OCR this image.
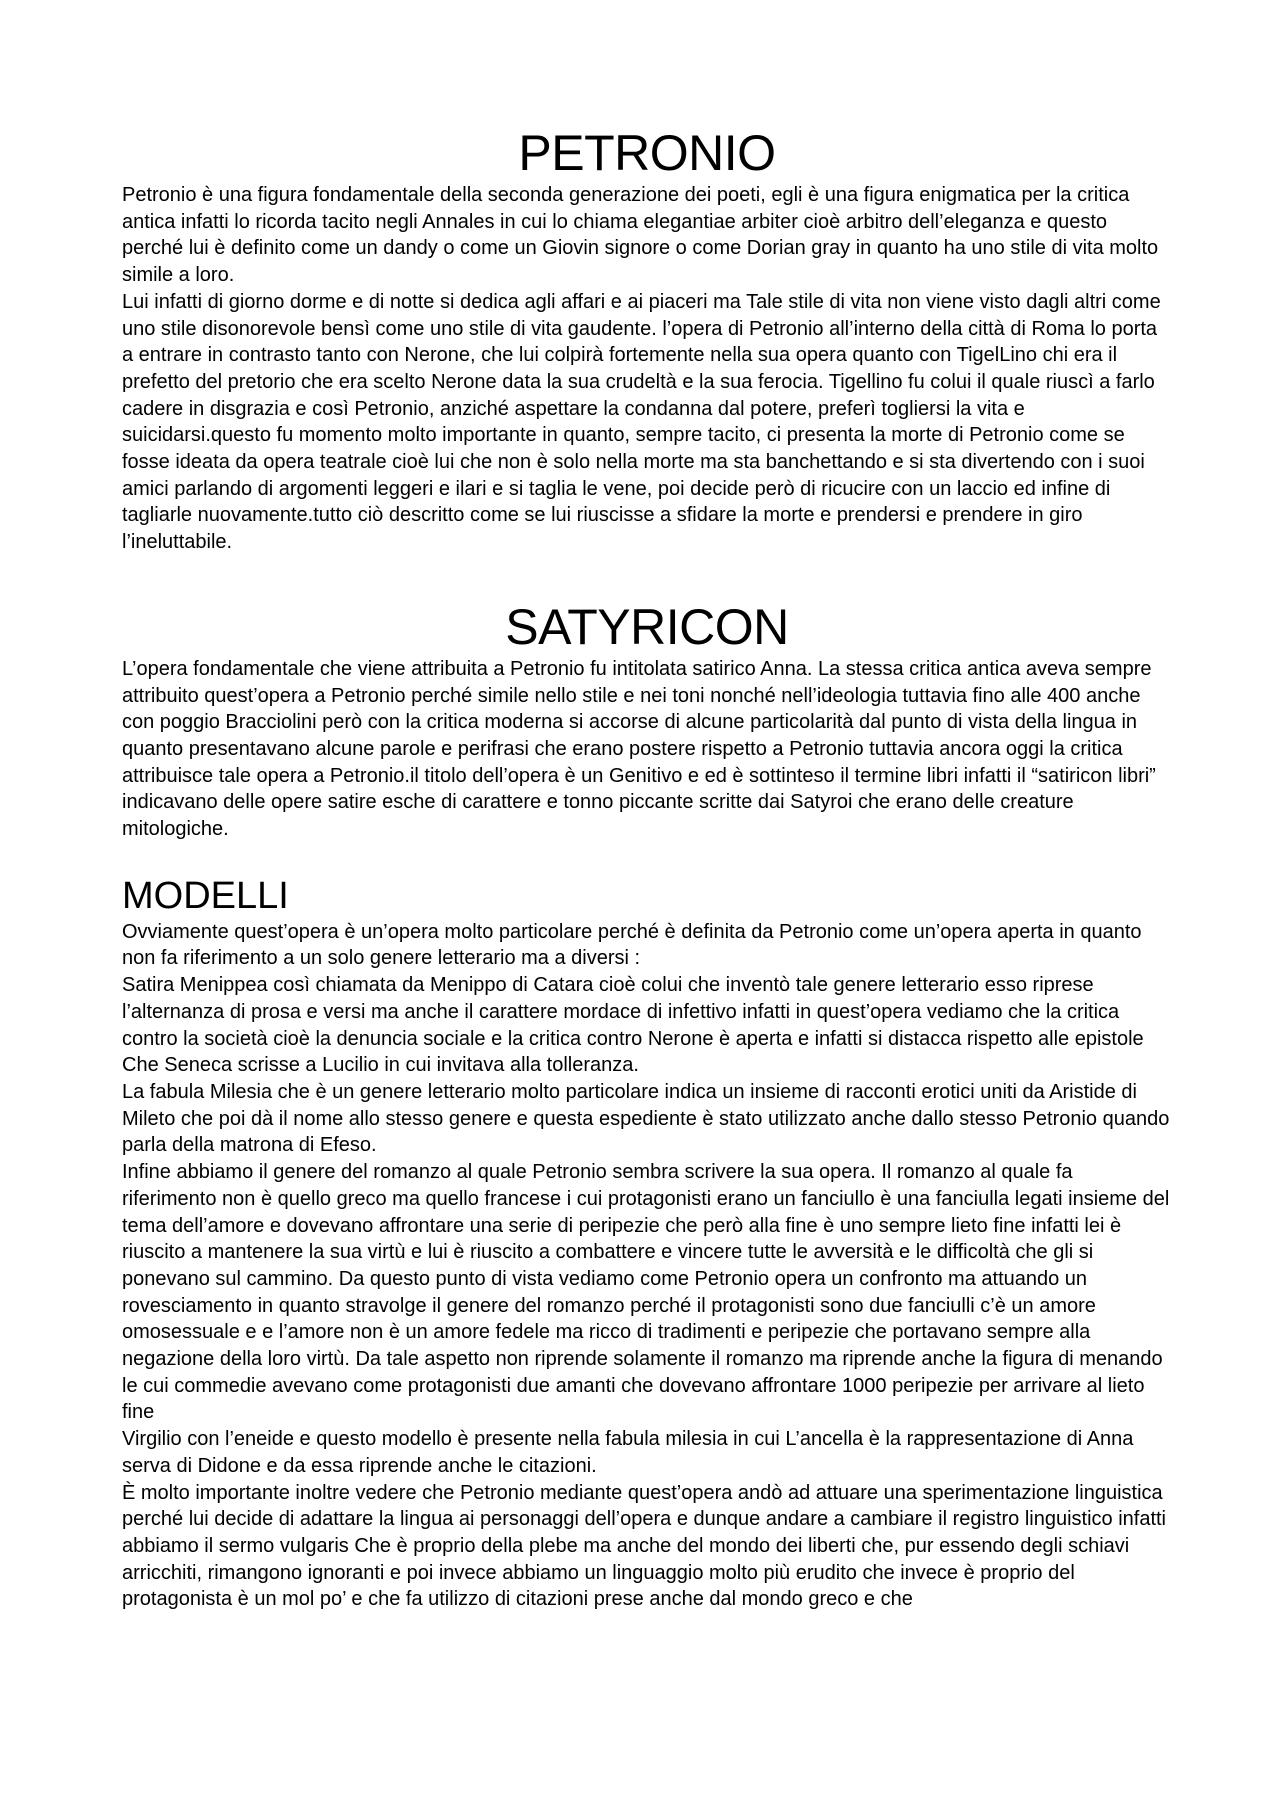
PETRONIO

Petronio è una figura fondamentale della seconda generazione dei poeti, egli è una figura enigmatica per la critica antica infatti lo ricorda tacito negli Annales in cui lo chiama elegantiae arbiter cioè arbitro dell’eleganza e questo perché lui è definito come un dandy o come un Giovin signore o come Dorian gray in quanto ha uno stile di vita molto simile a loro.

Lui infatti di giorno dorme e di notte si dedica agli affari e ai piaceri ma Tale stile di vita non viene visto dagli altri come uno stile disonorevole bensì come uno stile di vita gaudente. l’opera di Petronio all’interno della città di Roma lo porta a entrare in contrasto tanto con Nerone, che lui colpirà fortemente nella sua opera quanto con TigelLino chi era il prefetto del pretorio che era scelto Nerone data la sua crudeltà e la sua ferocia. Tigellino fu colui il quale riuscì a farlo cadere in disgrazia e così Petronio, anziché aspettare la condanna dal potere, preferì togliersi la vita e suicidarsi.questo fu momento molto importante in quanto, sempre tacito, ci presenta la morte di Petronio come se fosse ideata da opera teatrale cioè lui che non è solo nella morte ma sta banchettando e si sta divertendo con i suoi amici parlando di argomenti leggeri e ilari e si taglia le vene, poi decide però di ricucire con un laccio ed infine di tagliarle nuovamente.tutto ciò descritto come se lui riuscisse a sfidare la morte e prendersi e prendere in giro l’ineluttabile.

SATYRICON

L’opera fondamentale che viene attribuita a Petronio fu intitolata satirico Anna. La stessa critica antica aveva sempre attribuito quest’opera a Petronio perché simile nello stile e nei toni nonché nell’ideologia tuttavia fino alle 400 anche con poggio Bracciolini però con la critica moderna si accorse di alcune particolarità dal punto di vista della lingua in quanto presentavano alcune parole e perifrasi che erano postere rispetto a Petronio tuttavia ancora oggi la critica attribuisce tale opera a Petronio.il titolo dell’opera è un Genitivo e ed è sottinteso il termine libri infatti il “satiricon libri” indicavano delle opere satire esche di carattere e tonno piccante scritte dai Satyroi che erano delle creature mitologiche.

MODELLI

Ovviamente quest’opera è un’opera molto particolare perché è definita da Petronio come un’opera aperta in quanto non fa riferimento a un solo genere letterario ma a diversi :

Satira Menippea così chiamata da Menippo di Catara cioè colui che inventò tale genere letterario esso riprese l’alternanza di prosa e versi ma anche il carattere mordace di infettivo infatti in quest’opera vediamo che la critica contro la società cioè la denuncia sociale e la critica contro Nerone è aperta e infatti si distacca rispetto alle epistole Che Seneca scrisse a Lucilio in cui invitava alla tolleranza.

La fabula Milesia che è un genere letterario molto particolare indica un insieme di racconti erotici uniti da Aristide di Mileto che poi dà il nome allo stesso genere e questa espediente è stato utilizzato anche dallo stesso Petronio quando parla della matrona di Efeso.

Infine abbiamo il genere del romanzo al quale Petronio sembra scrivere la sua opera. Il romanzo al quale fa riferimento non è quello greco ma quello francese i cui protagonisti erano un fanciullo è una fanciulla legati insieme del tema dell’amore e dovevano affrontare una serie di peripezie che però alla fine è uno sempre lieto fine infatti lei è riuscito a mantenere la sua virtù e lui è riuscito a combattere e vincere tutte le avversità e le difficoltà che gli si ponevano sul cammino. Da questo punto di vista vediamo come Petronio opera un confronto ma attuando un rovesciamento in quanto stravolge il genere del romanzo perché il protagonisti sono due fanciulli c’è un amore omosessuale e e l’amore non è un amore fedele ma ricco di tradimenti e peripezie che portavano sempre alla negazione della loro virtù. Da tale aspetto non riprende solamente il romanzo ma riprende anche la figura di menando le cui commedie avevano come protagonisti due amanti che dovevano affrontare 1000 peripezie per arrivare al lieto fine

Virgilio con l’eneide e questo modello è presente nella fabula milesia in cui L’ancella è la rappresentazione di Anna serva di Didone e da essa riprende anche le citazioni.

È molto importante inoltre vedere che Petronio mediante quest’opera andò ad attuare una sperimentazione linguistica perché lui decide di adattare la lingua ai personaggi dell’opera e dunque andare a cambiare il registro linguistico infatti abbiamo il sermo vulgaris Che è proprio della plebe ma anche del mondo dei liberti che, pur essendo degli schiavi arricchiti, rimangono ignoranti e poi invece abbiamo un linguaggio molto più erudito che invece è proprio del protagonista è un mol po’ e che fa utilizzo di citazioni prese anche dal mondo greco e che
